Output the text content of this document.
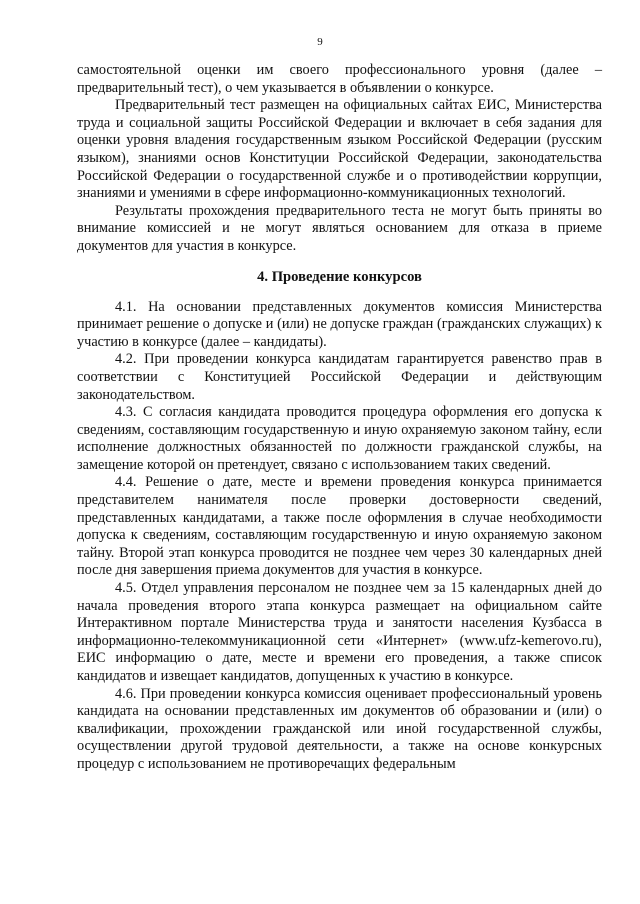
9

самостоятельной оценки им своего профессионального уровня (далее – предварительный тест), о чем указывается в объявлении о конкурсе.

Предварительный тест размещен на официальных сайтах ЕИС, Министерства труда и социальной защиты Российской Федерации и включает в себя задания для оценки уровня владения государственным языком Российской Федерации (русским языком), знаниями основ Конституции Российской Федерации, законодательства Российской Федерации о государственной службе и о противодействии коррупции, знаниями и умениями в сфере информационно-коммуникационных технологий.

Результаты прохождения предварительного теста не могут быть приняты во внимание комиссией и не могут являться основанием для отказа в приеме документов для участия в конкурсе.

4. Проведение конкурсов

4.1. На основании представленных документов комиссия Министерства принимает решение о допуске и (или) не допуске граждан (гражданских служащих) к участию в конкурсе (далее – кандидаты).

4.2. При проведении конкурса кандидатам гарантируется равенство прав в соответствии с Конституцией Российской Федерации и действующим законодательством.

4.3. С согласия кандидата проводится процедура оформления его допуска к сведениям, составляющим государственную и иную охраняемую законом тайну, если исполнение должностных обязанностей по должности гражданской службы, на замещение которой он претендует, связано с использованием таких сведений.

4.4. Решение о дате, месте и времени проведения конкурса принимается представителем нанимателя после проверки достоверности сведений, представленных кандидатами, а также после оформления в случае необходимости допуска к сведениям, составляющим государственную и иную охраняемую законом тайну. Второй этап конкурса проводится не позднее чем через 30 календарных дней после дня завершения приема документов для участия в конкурсе.

4.5. Отдел управления персоналом не позднее чем за 15 календарных дней до начала проведения второго этапа конкурса размещает на официальном сайте Интерактивном портале Министерства труда и занятости населения Кузбасса в информационно-телекоммуникационной сети «Интернет» (www.ufz-kemerovo.ru), ЕИС информацию о дате, месте и времени его проведения, а также список кандидатов и извещает кандидатов, допущенных к участию в конкурсе.

4.6. При проведении конкурса комиссия оценивает профессиональный уровень кандидата на основании представленных им документов об образовании и (или) о квалификации, прохождении гражданской или иной государственной службы, осуществлении другой трудовой деятельности, а также на основе конкурсных процедур с использованием не противоречащих федеральным
